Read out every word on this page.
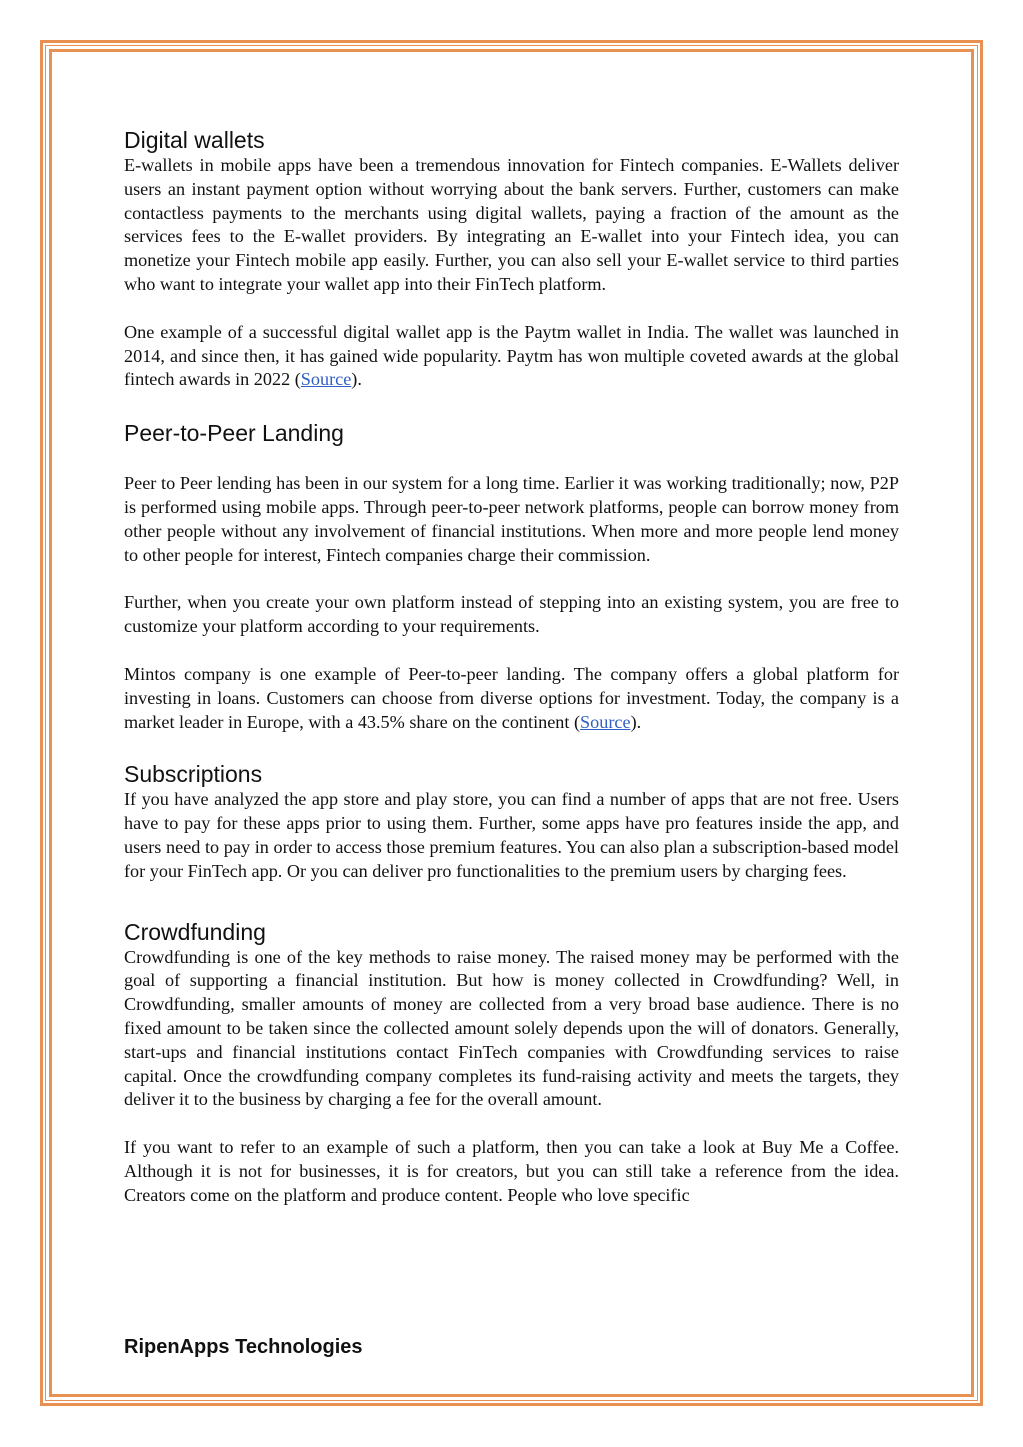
Digital wallets

E-wallets in mobile apps have been a tremendous innovation for Fintech companies. E-Wallets deliver users an instant payment option without worrying about the bank servers. Further, customers can make contactless payments to the merchants using digital wallets, paying a fraction of the amount as the services fees to the E-wallet providers. By integrating an E-wallet into your Fintech idea, you can monetize your Fintech mobile app easily. Further, you can also sell your E-wallet service to third parties who want to integrate your wallet app into their FinTech platform.

One example of a successful digital wallet app is the Paytm wallet in India. The wallet was launched in 2014, and since then, it has gained wide popularity. Paytm has won multiple coveted awards at the global fintech awards in 2022 (Source).

Peer-to-Peer Landing

Peer to Peer lending has been in our system for a long time. Earlier it was working traditionally; now, P2P is performed using mobile apps. Through peer-to-peer network platforms, people can borrow money from other people without any involvement of financial institutions. When more and more people lend money to other people for interest, Fintech companies charge their commission.

Further, when you create your own platform instead of stepping into an existing system, you are free to customize your platform according to your requirements.

Mintos company is one example of Peer-to-peer landing. The company offers a global platform for investing in loans. Customers can choose from diverse options for investment. Today, the company is a market leader in Europe, with a 43.5% share on the continent (Source).

Subscriptions

If you have analyzed the app store and play store, you can find a number of apps that are not free. Users have to pay for these apps prior to using them. Further, some apps have pro features inside the app, and users need to pay in order to access those premium features. You can also plan a subscription-based model for your FinTech app. Or you can deliver pro functionalities to the premium users by charging fees.

Crowdfunding

Crowdfunding is one of the key methods to raise money. The raised money may be performed with the goal of supporting a financial institution. But how is money collected in Crowdfunding? Well, in Crowdfunding, smaller amounts of money are collected from a very broad base audience. There is no fixed amount to be taken since the collected amount solely depends upon the will of donators. Generally, start-ups and financial institutions contact FinTech companies with Crowdfunding services to raise capital. Once the crowdfunding company completes its fund-raising activity and meets the targets, they deliver it to the business by charging a fee for the overall amount.

If you want to refer to an example of such a platform, then you can take a look at Buy Me a Coffee. Although it is not for businesses, it is for creators, but you can still take a reference from the idea. Creators come on the platform and produce content. People who love specific

RipenApps Technologies
